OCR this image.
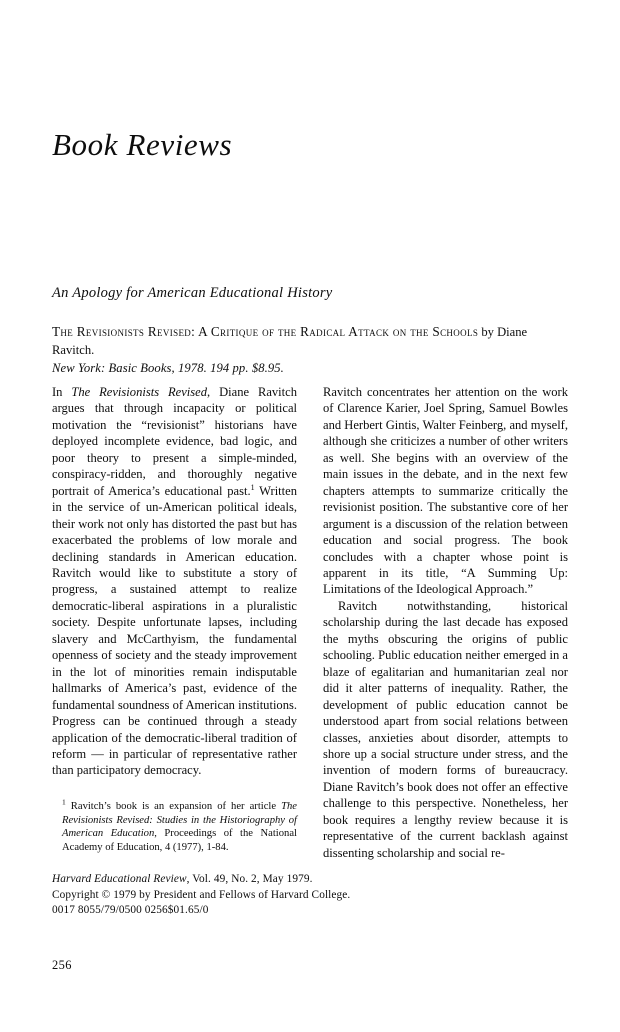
Book Reviews
An Apology for American Educational History
The Revisionists Revised: A Critique of the Radical Attack on the Schools by Diane Ravitch.
New York: Basic Books, 1978. 194 pp. $8.95.

In The Revisionists Revised, Diane Ravitch argues that through incapacity or political motivation the “revisionist” historians have deployed incomplete evidence, bad logic, and poor theory to present a simple-minded, conspiracy-ridden, and thoroughly negative portrait of America’s educational past.$^1$ Written in the service of un-American political ideals, their work not only has distorted the past but has exacerbated the problems of low morale and declining standards in American education. Ravitch would like to substitute a story of progress, a sustained attempt to realize democratic-liberal aspirations in a pluralistic society. Despite unfortunate lapses, including slavery and McCarthyism, the fundamental openness of society and the steady improvement in the lot of minorities remain indisputable hallmarks of America’s past, evidence of the fundamental soundness of American institutions. Progress can be continued through a steady application of the democratic-liberal tradition of reform — in particular of representative rather than participatory democracy.

Ravitch concentrates her attention on the work of Clarence Karier, Joel Spring, Samuel Bowles and Herbert Gintis, Walter Feinberg, and myself, although she criticizes a number of other writers as well. She begins with an overview of the main issues in the debate, and in the next few chapters attempts to summarize critically the revisionist position. The substantive core of her argument is a discussion of the relation between education and social progress. The book concludes with a chapter whose point is apparent in its title, “A Summing Up: Limitations of the Ideological Approach.”

Ravitch notwithstanding, historical scholarship during the last decade has exposed the myths obscuring the origins of public schooling. Public education neither emerged in a blaze of egalitarian and humanitarian zeal nor did it alter patterns of inequality. Rather, the development of public education cannot be understood apart from social relations between classes, anxieties about disorder, attempts to shore up a social structure under stress, and the invention of modern forms of bureaucracy. Diane Ravitch’s book does not offer an effective challenge to this perspective. Nonetheless, her book requires a lengthy review because it is representative of the current backlash against dissenting scholarship and social re-

$^1$ Ravitch’s book is an expansion of her article The Revisionists Revised: Studies in the Historiography of American Education, Proceedings of the National Academy of Education, 4 (1977), 1-84.

Harvard Educational Review, Vol. 49, No. 2, May 1979.

Copyright © 1979 by President and Fellows of Harvard College.

0017 8055/79/0500 0256$01.65/0

256
